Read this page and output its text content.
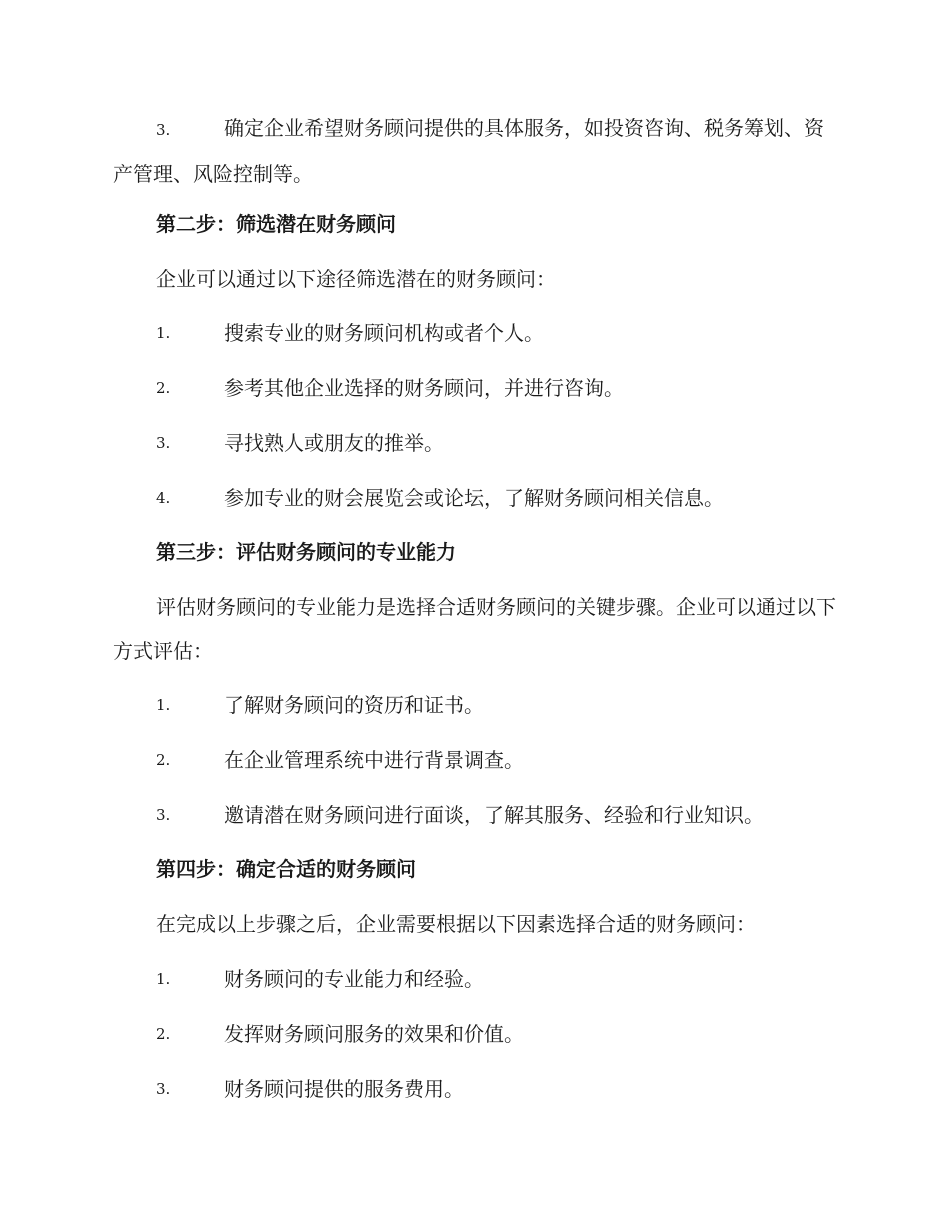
3.	确定企业希望财务顾问提供的具体服务，如投资咨询、税务筹划、资产管理、风险控制等。
第二步：筛选潜在财务顾问
企业可以通过以下途径筛选潜在的财务顾问：
1.	搜索专业的财务顾问机构或者个人。
2.	参考其他企业选择的财务顾问，并进行咨询。
3.	寻找熟人或朋友的推举。
4.	参加专业的财会展览会或论坛，了解财务顾问相关信息。
第三步：评估财务顾问的专业能力
评估财务顾问的专业能力是选择合适财务顾问的关键步骤。企业可以通过以下方式评估：
1.	了解财务顾问的资历和证书。
2.	在企业管理系统中进行背景调查。
3.	邀请潜在财务顾问进行面谈，了解其服务、经验和行业知识。
第四步：确定合适的财务顾问
在完成以上步骤之后，企业需要根据以下因素选择合适的财务顾问：
1.	财务顾问的专业能力和经验。
2.	发挥财务顾问服务的效果和价值。
3.	财务顾问提供的服务费用。
